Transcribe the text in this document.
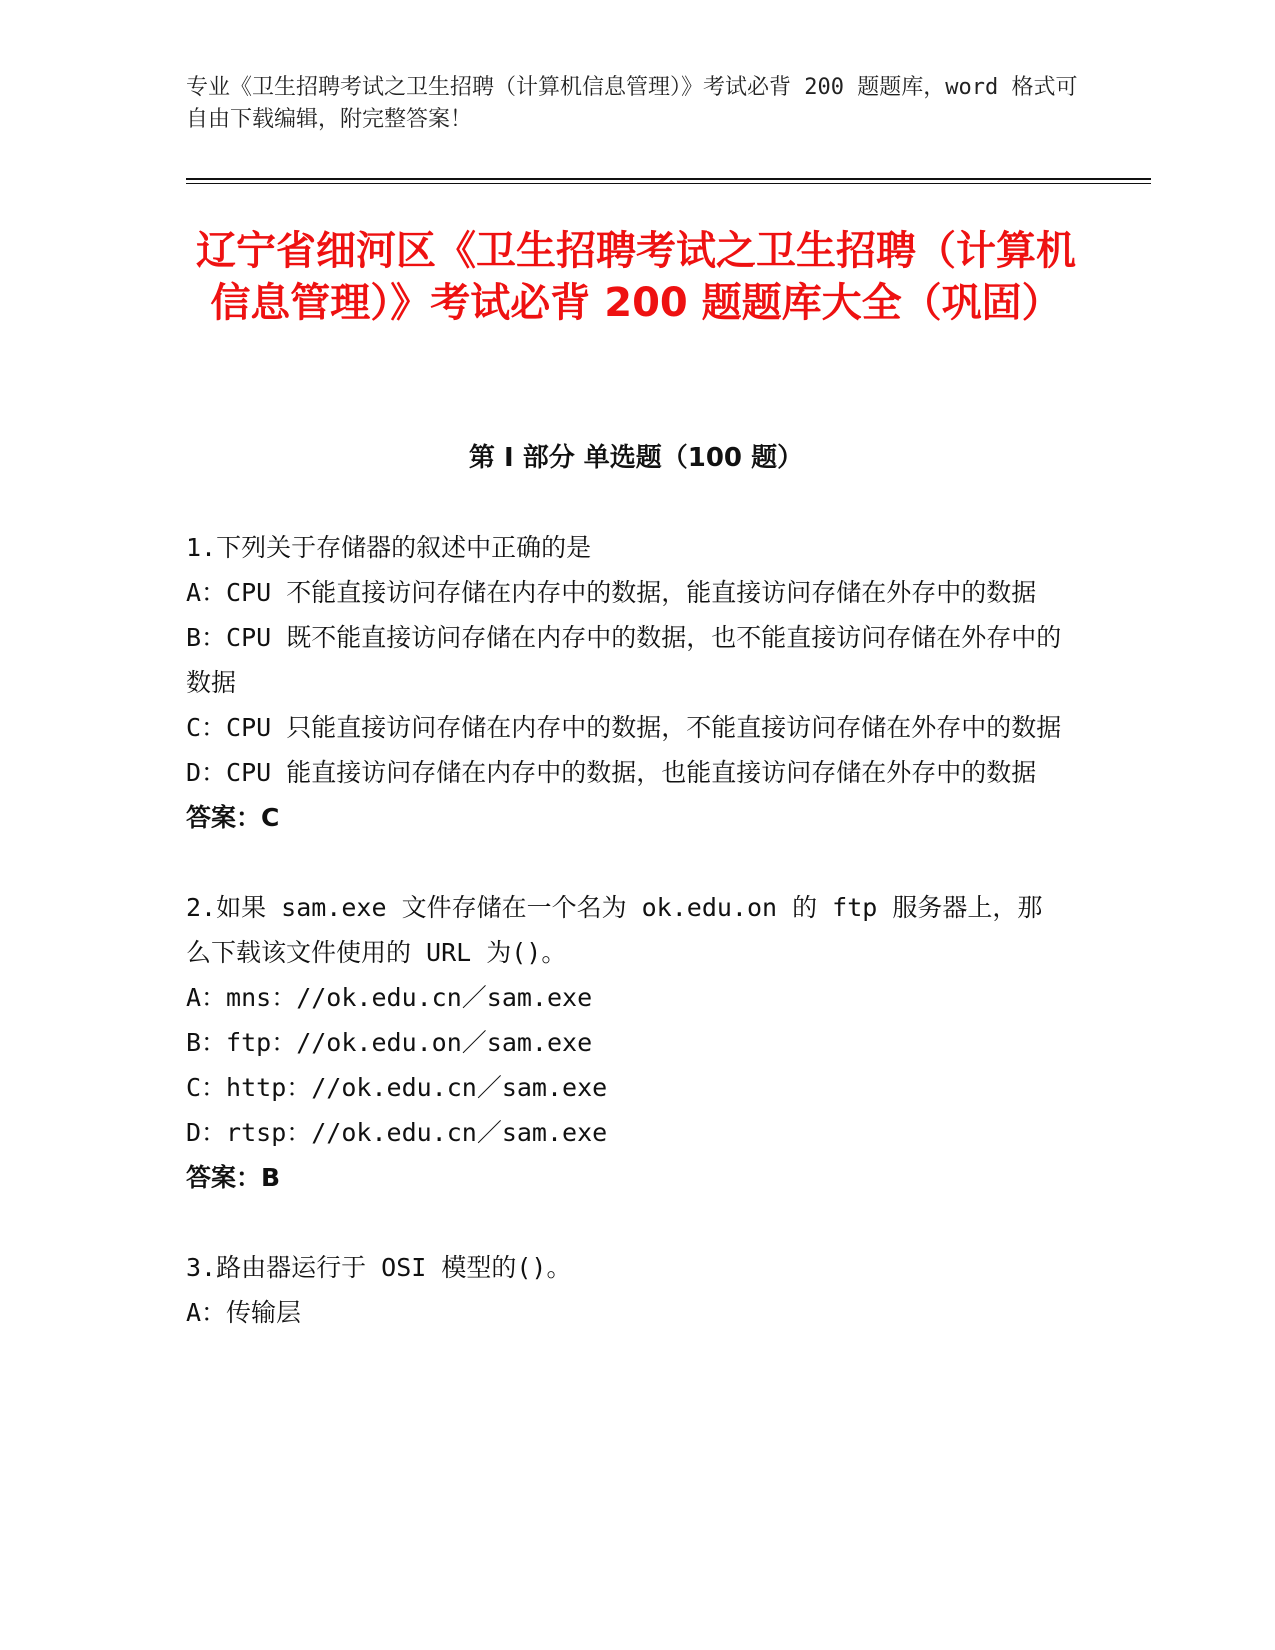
专业《卫生招聘考试之卫生招聘（计算机信息管理）》考试必背 200 题题库，word 格式可自由下载编辑，附完整答案！
辽宁省细河区《卫生招聘考试之卫生招聘（计算机信息管理）》考试必背 200 题题库大全（巩固）
第 I 部分 单选题（100 题）

1.下列关于存储器的叙述中正确的是

A：CPU 不能直接访问存储在内存中的数据，能直接访问存储在外存中的数据

B：CPU 既不能直接访问存储在内存中的数据，也不能直接访问存储在外存中的数据

C：CPU 只能直接访问存储在内存中的数据，不能直接访问存储在外存中的数据

D：CPU 能直接访问存储在内存中的数据，也能直接访问存储在外存中的数据

答案：C

2.如果 sam.exe 文件存储在一个名为 ok.edu.on 的 ftp 服务器上，那么下载该文件使用的 URL 为()。

A：mns：//ok.edu.cn／sam.exe

B：ftp：//ok.edu.on／sam.exe

C：http：//ok.edu.cn／sam.exe

D：rtsp：//ok.edu.cn／sam.exe

答案：B

3.路由器运行于 OSI 模型的()。

A：传输层
